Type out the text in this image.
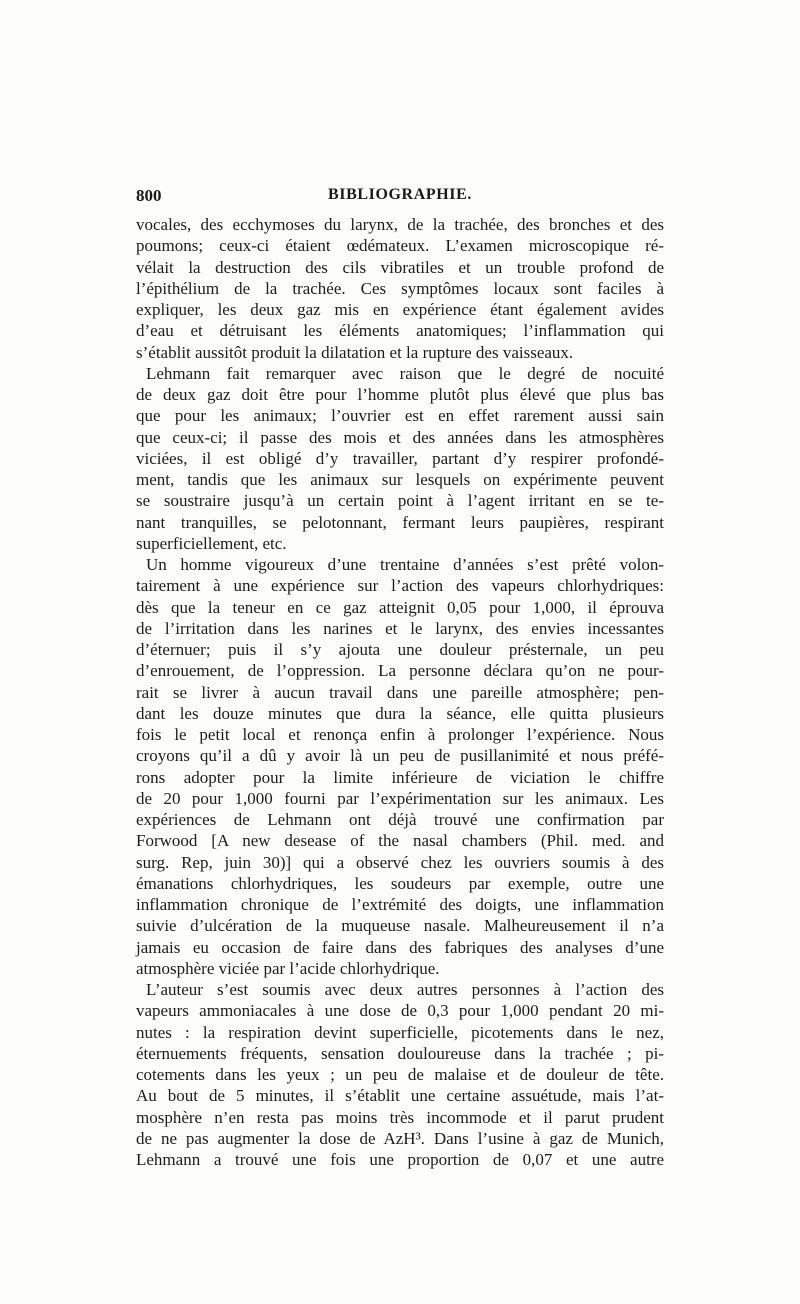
800	BIBLIOGRAPHIE.
vocales, des ecchymoses du larynx, de la trachée, des bronches et des
poumons; ceux-ci étaient œdémateux. L’examen microscopique ré-
vélait la destruction des cils vibratiles et un trouble profond de
l’épithélium de la trachée. Ces symptômes locaux sont faciles à
expliquer, les deux gaz mis en expérience étant également avides
d’eau et détruisant les éléments anatomiques; l’inflammation qui
s’établit aussitôt produit la dilatation et la rupture des vaisseaux.
Lehmann fait remarquer avec raison que le degré de nocuité
de deux gaz doit être pour l’homme plutôt plus élevé que plus bas
que pour les animaux; l’ouvrier est en effet rarement aussi sain
que ceux-ci; il passe des mois et des années dans les atmosphères
viciées, il est obligé d’y travailler, partant d’y respirer profondé-
ment, tandis que les animaux sur lesquels on expérimente peuvent
se soustraire jusqu’à un certain point à l’agent irritant en se te-
nant tranquilles, se pelotonnant, fermant leurs paupières, respirant
superficiellement, etc.
Un homme vigoureux d’une trentaine d’années s’est prêté volon-
tairement à une expérience sur l’action des vapeurs chlorhydriques:
dès que la teneur en ce gaz atteignit 0,05 pour 1,000, il éprouva
de l’irritation dans les narines et le larynx, des envies incessantes
d’éternuer; puis il s’y ajouta une douleur présternale, un peu
d’enrouement, de l’oppression. La personne déclara qu’on ne pour-
rait se livrer à aucun travail dans une pareille atmosphère; pen-
dant les douze minutes que dura la séance, elle quitta plusieurs
fois le petit local et renonça enfin à prolonger l’expérience. Nous
croyons qu’il a dû y avoir là un peu de pusillanimité et nous préfé-
rons adopter pour la limite inférieure de viciation le chiffre
de 20 pour 1,000 fourni par l’expérimentation sur les animaux. Les
expériences de Lehmann ont déjà trouvé une confirmation par
Forwood [A new desease of the nasal chambers (Phil. med. and
surg. Rep, juin 30)] qui a observé chez les ouvriers soumis à des
émanations chlorhydriques, les soudeurs par exemple, outre une
inflammation chronique de l’extrémité des doigts, une inflammation
suivie d’ulcération de la muqueuse nasale. Malheureusement il n’a
jamais eu occasion de faire dans des fabriques des analyses d’une
atmosphère viciée par l’acide chlorhydrique.
L’auteur s’est soumis avec deux autres personnes à l’action des
vapeurs ammoniacales à une dose de 0,3 pour 1,000 pendant 20 mi-
nutes : la respiration devint superficielle, picotements dans le nez,
éternuements fréquents, sensation douloureuse dans la trachée ; pi-
cotements dans les yeux ; un peu de malaise et de douleur de tête.
Au bout de 5 minutes, il s’établit une certaine assuétude, mais l’at-
mosphère n’en resta pas moins très incommode et il parut prudent
de ne pas augmenter la dose de AzH³. Dans l’usine à gaz de Munich,
Lehmann a trouvé une fois une proportion de 0,07 et une autre
